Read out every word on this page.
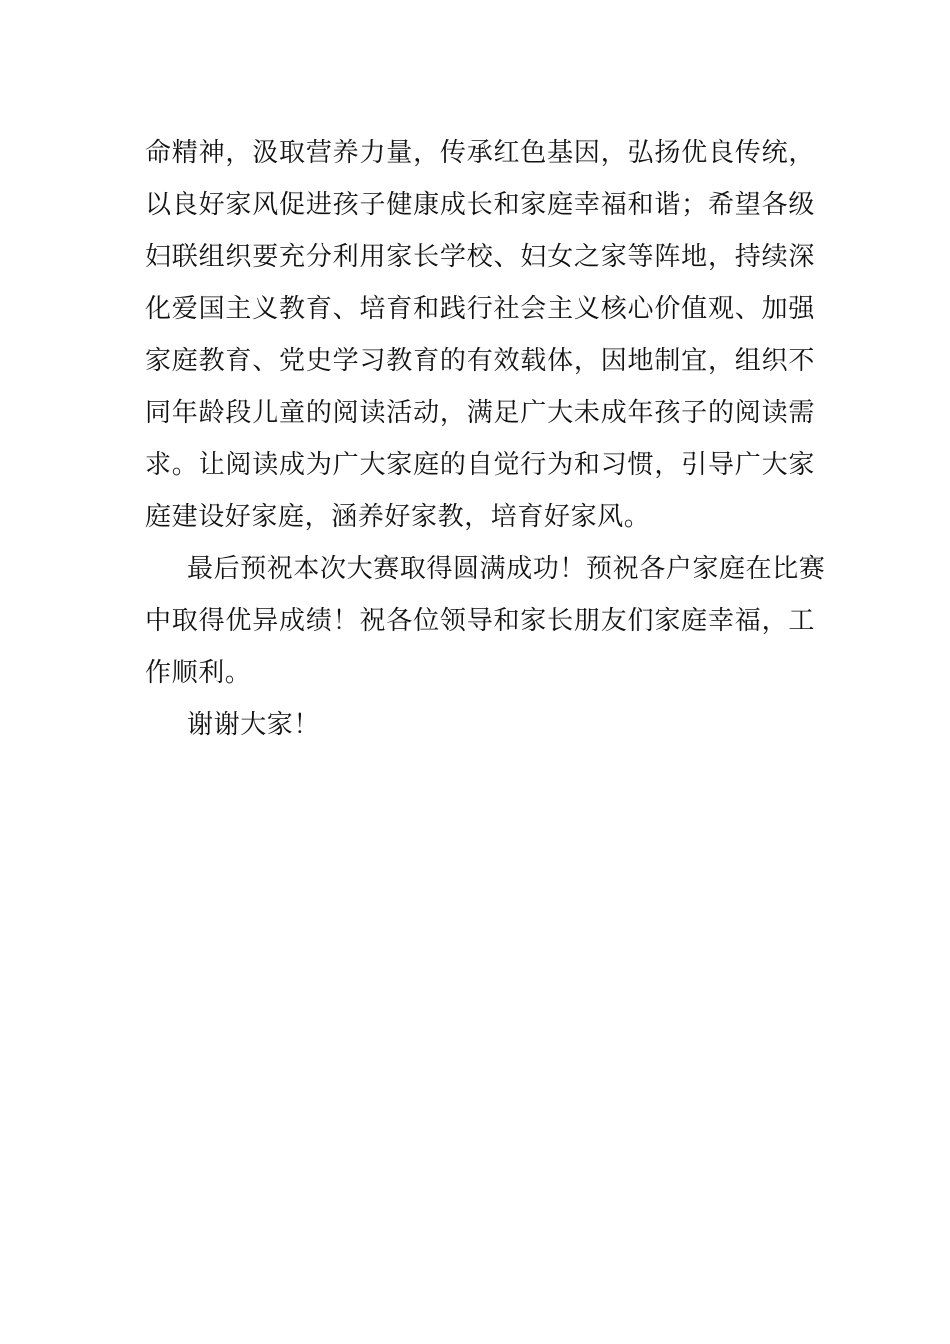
命精神，汲取营养力量，传承红色基因，弘扬优良传统，
以良好家风促进孩子健康成长和家庭幸福和谐；希望各级
妇联组织要充分利用家长学校、妇女之家等阵地，持续深
化爱国主义教育、培育和践行社会主义核心价值观、加强
家庭教育、党史学习教育的有效载体，因地制宜，组织不
同年龄段儿童的阅读活动，满足广大未成年孩子的阅读需
求。让阅读成为广大家庭的自觉行为和习惯，引导广大家
庭建设好家庭，涵养好家教，培育好家风。
最后预祝本次大赛取得圆满成功！预祝各户家庭在比赛
中取得优异成绩！祝各位领导和家长朋友们家庭幸福，工
作顺利。
谢谢大家！
